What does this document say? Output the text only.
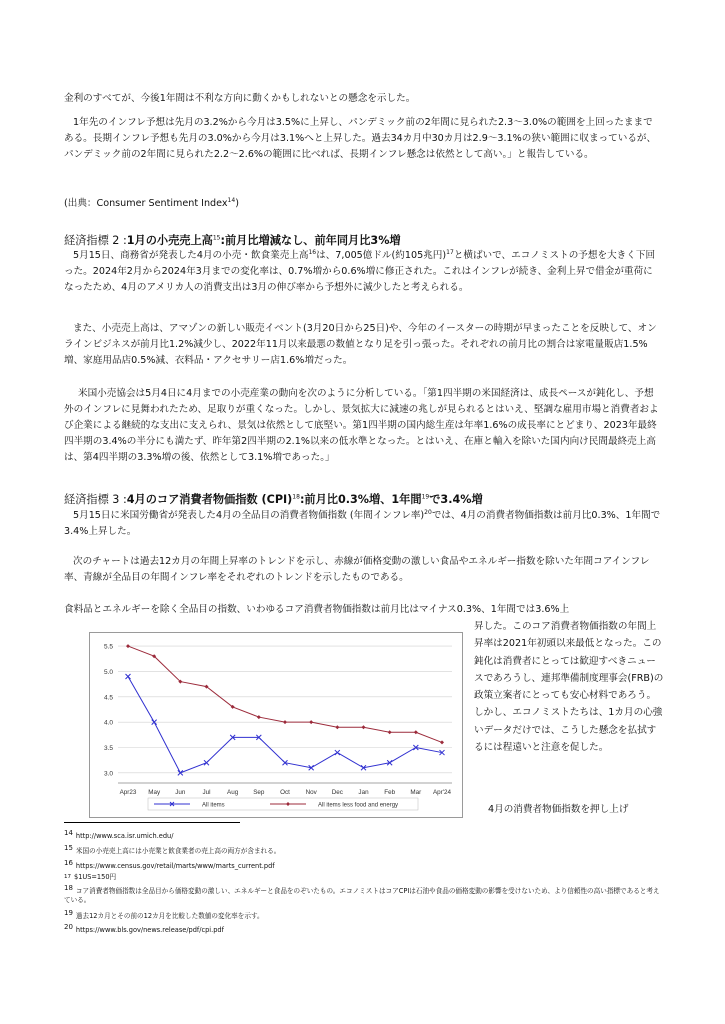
金利のすべてが、今後1年間は不利な方向に動くかもしれないとの懸念を示した。

1年先のインフレ予想は先月の3.2%から今月は3.5%に上昇し、パンデミック前の2年間に見られた2.3～3.0%の範囲を上回ったままである。長期インフレ予想も先月の3.0%から今月は3.1%へと上昇した。過去34カ月中30カ月は2.9～3.1%の狭い範囲に収まっているが、パンデミック前の2年間に見られた2.2～2.6%の範囲に比べれば、長期インフレ懸念は依然として高い。」と報告している。

(出典：Consumer Sentiment Index$^{14}$)

経済指標 2 :1月の小売売上高$^{15}$:前月比増減なし、前年同月比3%増

5月15日、商務省が発表した4月の小売・飲食業売上高$^{16}$は、7,005億ドル(約105兆円)$^{17}$と横ばいで、エコノミストの予想を大きく下回った。2024年2月から2024年3月までの変化率は、0.7%増から0.6%増に修正された。これはインフレが続き、金利上昇で借金が重荷になったため、4月のアメリカ人の消費支出は3月の伸び率から予想外に減少したと考えられる。

また、小売売上高は、アマゾンの新しい販売イベント(3月20日から25日)や、今年のイースターの時期が早まったことを反映して、オンラインビジネスが前月比1.2%減少し、2022年11月以来最悪の数値となり足を引っ張った。それぞれの前月比の割合は家電量販店1.5%増、家庭用品店0.5%減、衣料品・アクセサリー店1.6%増だった。

米国小売協会は5月4日に4月までの小売産業の動向を次のように分析している。「第1四半期の米国経済は、成長ペースが鈍化し、予想外のインフレに見舞われたため、足取りが重くなった。しかし、景気拡大に減速の兆しが見られるとはいえ、堅調な雇用市場と消費者および企業による継続的な支出に支えられ、景気は依然として底堅い。第1四半期の国内総生産は年率1.6%の成長率にとどまり、2023年最終四半期の3.4%の半分にも満たず、昨年第2四半期の2.1%以来の低水準となった。とはいえ、在庫と輸入を除いた国内向け民間最終売上高は、第4四半期の3.3%増の後、依然として3.1%増であった。」

経済指標 3 :4月のコア消費者物価指数 (CPI)$^{18}$:前月比0.3%増、1年間$^{19}$で3.4%増

5月15日に米国労働省が発表した4月の全品目の消費者物価指数 (年間インフレ率)$^{20}$では、4月の消費者物価指数は前月比0.3%、1年間で3.4%上昇した。

次のチャートは過去12カ月の年間上昇率のトレンドを示し、赤線が価格変動の激しい食品やエネルギー指数を除いた年間コアインフレ率、青線が全品目の年間インフレ率をそれぞれのトレンドを示したものである。

食料品とエネルギーを除く全品目の指数、いわゆるコア消費者物価指数は前月比はマイナス0.3%、1年間では3.6%上

昇した。このコア消費者物価指数の年間上昇率は2021年初頭以来最低となった。この鈍化は消費者にとっては歓迎すべきニュースであろうし、連邦準備制度理事会(FRB)の政策立案者にとっても安心材料であろう。しかし、エコノミストたちは、1カ月の心強いデータだけでは、こうした懸念を払拭するには程遠いと注意を促した。

4月の消費者物価指数を押し上げ

3.0
3.5
4.0
4.5
5.0
5.5
Apr23 May Jun	Jul	Aug Sep Oct Nov Dec Jan Feb Mar Apr'24
All items	All items less food and energy

14 http://www.sca.isr.umich.edu/

15 米国の小売売上高には小売業と飲食業者の売上高の両方が含まれる。

16 https://www.census.gov/retail/marts/www/marts_current.pdf

17 $1US=150円

18 コア消費者物価指数は全品目から価格変動の激しい、エネルギーと食品をのぞいたもの。エコノミストはコアCPIは石油や食品の価格変動の影響を受けないため、より信頼性の高い指標であると考えている。

19 過去12カ月とその前の12カ月を比較した数値の変化率を示す。

20 https://www.bls.gov/news.release/pdf/cpi.pdf
